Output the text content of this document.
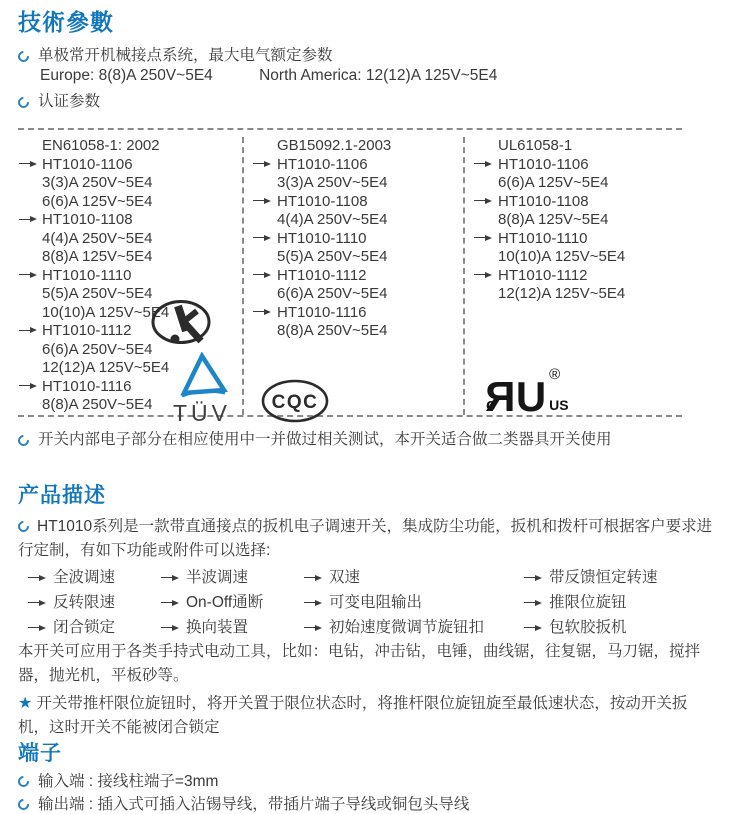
技術參數
单极常开机械接点系统，最大电气额定参数
Europe: 8(8)A 250V~5E4	North America: 12(12)A 125V~5E4
认证参数
EN61058-1: 2002
HT1010-1106
3(3)A 250V~5E4
6(6)A 125V~5E4
HT1010-1108
4(4)A 250V~5E4
8(8)A 125V~5E4
HT1010-1110
5(5)A 250V~5E4
10(10)A 125V~5E4
HT1010-1112
6(6)A 250V~5E4
12(12)A 125V~5E4
HT1010-1116
8(8)A 250V~5E4
GB15092.1-2003
HT1010-1106
3(3)A 250V~5E4
HT1010-1108
4(4)A 250V~5E4
HT1010-1110
5(5)A 250V~5E4
HT1010-1112
6(6)A 250V~5E4
HT1010-1116
8(8)A 250V~5E4
UL61058-1
HT1010-1106
6(6)A 125V~5E4
HT1010-1108
8(8)A 125V~5E4
HT1010-1110
10(10)A 125V~5E4
HT1010-1112
12(12)A 125V~5E4
TÜV	CQC	c RU ®
US
开关内部电子部分在相应使用中一并做过相关测试，本开关适合做二类器具开关使用
产品描述

HT1010系列是一款带直通接点的扳机电子调速开关，集成防尘功能，扳机和拨杆可根据客户要求进行定制，有如下功能或附件可以选择:

全波调速	半波调速	双速	带反馈恒定转速
反转限速	On-Off通断	可变电阻输出	推限位旋钮
闭合锁定	换向装置	初始速度微调节旋钮扣	包软胶扳机

本开关可应用于各类手持式电动工具，比如：电钻，冲击钻，电锤，曲线锯，往复锯，马刀锯，搅拌器，抛光机，平板砂等。

★ 开关带推杆限位旋钮时，将开关置于限位状态时，将推杆限位旋钮旋至最低速状态，按动开关扳机，这时开关不能被闭合锁定

端子
输入端 : 接线柱端子=3mm
输出端 : 插入式可插入沾锡导线，带插片端子导线或铜包头导线
